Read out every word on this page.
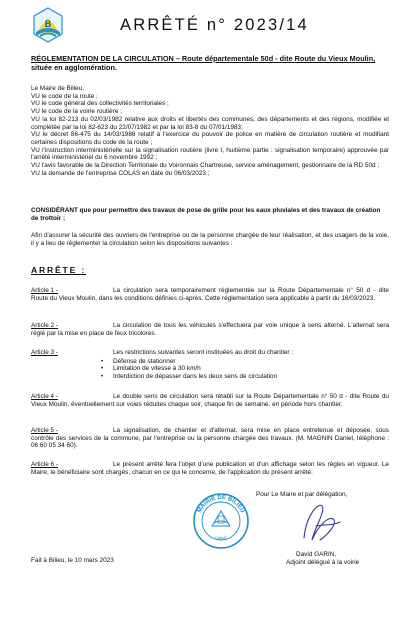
B	ARRÊTÉ n° 2023/14

RÉGLEMENTATION DE LA CIRCULATION – Route départementale 50d - dite Route du Vieux Moulin, située en agglomération.

Le Maire de Bilieu,

VU le code de la route ;

VU le code général des collectivités territoriales ;

VU le code de la voirie routière ;

VU la loi 82-213 du 02/03/1982 relative aux droits et libertés des communes, des départements et des régions, modifiée et complétée par la loi 82-623 du 22/07/1982 et par la loi 83-8 du 07/01/1983;

VU le décret 86-475 du 14/03/1986 relatif à l'exercice du pouvoir de police en matière de circulation routière et modifiant certaines dispositions du code de la route ;

VU l'instruction interministérielle sur la signalisation routière (livre I, huitième partie : signalisation temporaire) approuvée par l'arrêté interministériel du 6 novembre 1992 ;

VU l'avis favorable de la Direction Territoriale du Voironnais Chartreuse, service aménagement, gestionnaire de la RD 50d ;

VU la demande de l'entreprise COLAS en date du 06/03/2023 ;

CONSIDÉRANT que pour permettre des travaux de pose de grille pour les eaux pluviales et des travaux de création de trottoir ;
Afin d'assurer la sécurité des ouvriers de l'entreprise ou de la personne chargée de leur réalisation, et des usagers de la voie, il y a lieu de réglementer la circulation selon les dispositions suivantes :
ARRÊTE :
Article 1 -	La circulation sera temporairement réglementée sur la Route Départementale n° 50 d - dite Route du Vieux Moulin, dans les conditions définies ci-après. Cette réglementation sera applicable à partir du 16/03/2023.

Article 2 -	La circulation de tous les véhicules s'effectuera par voie unique à sens alterné. L'alternat sera réglé par la mise en place de feux tricolores.

Article 3 -	Les restrictions suivantes seront instituées au droit du chantier :

• Défense de stationner
• Limitation de vitesse à 30 km/h
• Interdiction de dépasser dans les deux sens de circulation
Article 4 -	Le double sens de circulation sera rétabli sur la Route Départementale n° 50 d - dite Route du Vieux Moulin, éventuellement sur voies réduites chaque soir, chaque fin de semaine, en période hors chantier.

Article 5 -	La signalisation, de chantier et d'alternat, sera mise en place entretenue et déposée, sous contrôle des services de la commune, par l'entreprise ou la personne chargée des travaux. (M. MAGNIN Daniel, téléphone : 06 60 05 34 60).

Article 6 -	Le présent arrêté fera l'objet d'une publication et d'un affichage selon les règles en vigueur. Le Maire, le bénéficiaire sont chargés, chacun en ce qui le concerne, de l'application du présent arrêté.

MAIRIE DE BILIEU
ISÈRE
Pour Le Maire et par délégation,
David GARIN,
Adjoint délégué à la voirie
Fait à Bilieu, le 10 mars 2023
